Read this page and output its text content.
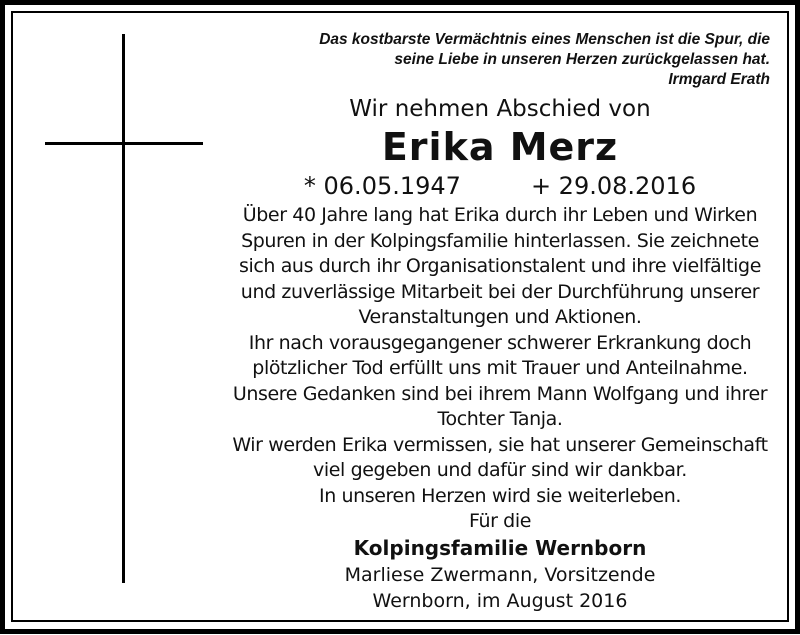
Das kostbarste Vermächtnis eines Menschen ist die Spur, die
seine Liebe in unseren Herzen zurückgelassen hat.
Irmgard Erath
Wir nehmen Abschied von
Erika Merz
* 06.05.1947	+ 29.08.2016
Über 40 Jahre lang hat Erika durch ihr Leben und Wirken
Spuren in der Kolpingsfamilie hinterlassen. Sie zeichnete
sich aus durch ihr Organisationstalent und ihre vielfältige
und zuverlässige Mitarbeit bei der Durchführung unserer
Veranstaltungen und Aktionen.
Ihr nach vorausgegangener schwerer Erkrankung doch
plötzlicher Tod erfüllt uns mit Trauer und Anteilnahme.
Unsere Gedanken sind bei ihrem Mann Wolfgang und ihrer
Tochter Tanja.
Wir werden Erika vermissen, sie hat unserer Gemeinschaft
viel gegeben und dafür sind wir dankbar.
In unseren Herzen wird sie weiterleben.
Für die
Kolpingsfamilie Wernborn
Marliese Zwermann, Vorsitzende
Wernborn, im August 2016
